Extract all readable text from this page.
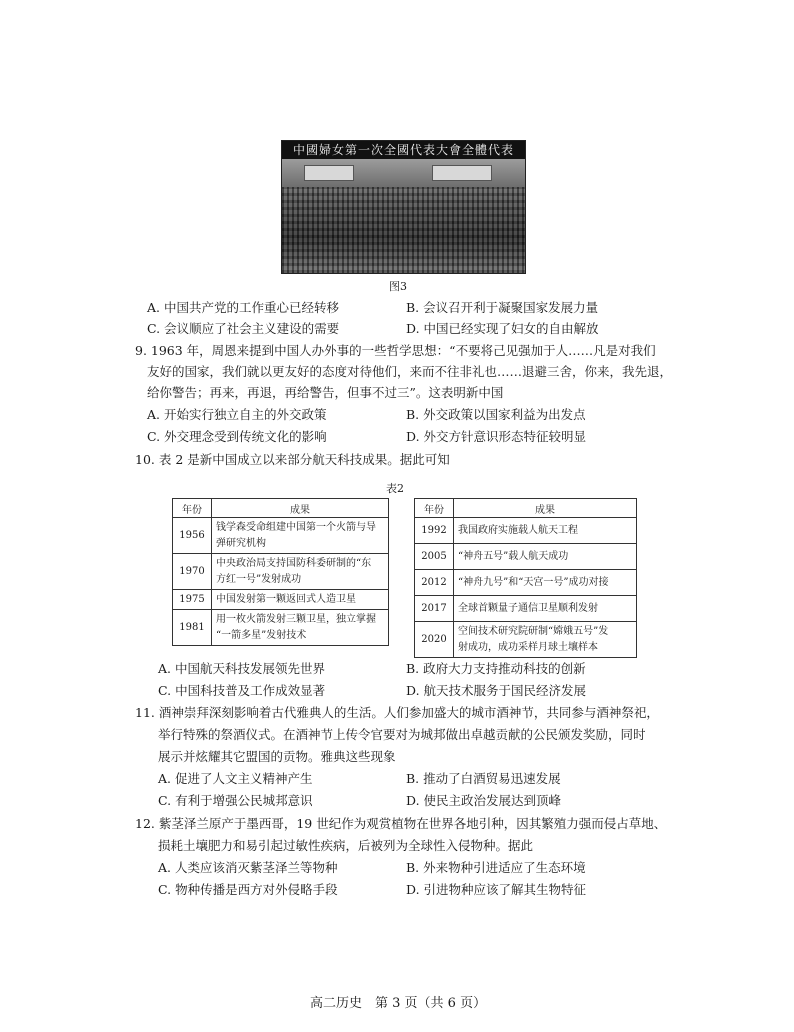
中國婦女第一次全國代表大會全體代表
图3
A. 中国共产党的工作重心已经转移	B. 会议召开利于凝聚国家发展力量
C. 会议顺应了社会主义建设的需要	D. 中国已经实现了妇女的自由解放
9. 1963 年，周恩来提到中国人办外事的一些哲学思想：“不要将己见强加于人……凡是对我们
友好的国家，我们就以更友好的态度对待他们，来而不往非礼也……退避三舍，你来，我先退，
给你警告；再来，再退，再给警告，但事不过三”。这表明新中国
A. 开始实行独立自主的外交政策	B. 外交政策以国家利益为出发点
C. 外交理念受到传统文化的影响	D. 外交方针意识形态特征较明显
10. 表 2 是新中国成立以来部分航天科技成果。据此可知
表2
年份	成果
1956	钱学森受命组建中国第一个火箭与导
弹研究机构

1970	中央政治局支持国防科委研制的“东
方红一号”发射成功

1975	中国发射第一颗返回式人造卫星

1981	用一枚火箭发射三颗卫星，独立掌握
“一箭多星”发射技术
年份	成果
1992	我国政府实施载人航天工程

2005	“神舟五号”载人航天成功

2012	“神舟九号”和“天宫一号”成功对接

2017	全球首颗量子通信卫星顺利发射

2020	空间技术研究院研制“嫦娥五号”发
射成功，成功采样月球土壤样本
A. 中国航天科技发展领先世界	B. 政府大力支持推动科技的创新
C. 中国科技普及工作成效显著	D. 航天技术服务于国民经济发展
11. 酒神崇拜深刻影响着古代雅典人的生活。人们参加盛大的城市酒神节，共同参与酒神祭祀，
举行特殊的祭酒仪式。在酒神节上传令官要对为城邦做出卓越贡献的公民颁发奖励，同时
展示并炫耀其它盟国的贡物。雅典这些现象
A. 促进了人文主义精神产生	B. 推动了白酒贸易迅速发展
C. 有利于增强公民城邦意识	D. 使民主政治发展达到顶峰
12. 紫茎泽兰原产于墨西哥，19 世纪作为观赏植物在世界各地引种，因其繁殖力强而侵占草地、
损耗土壤肥力和易引起过敏性疾病，后被列为全球性入侵物种。据此
A. 人类应该消灭紫茎泽兰等物种	B. 外来物种引进适应了生态环境
C. 物种传播是西方对外侵略手段	D. 引进物种应该了解其生物特征
高二历史　第 3 页（共 6 页）
